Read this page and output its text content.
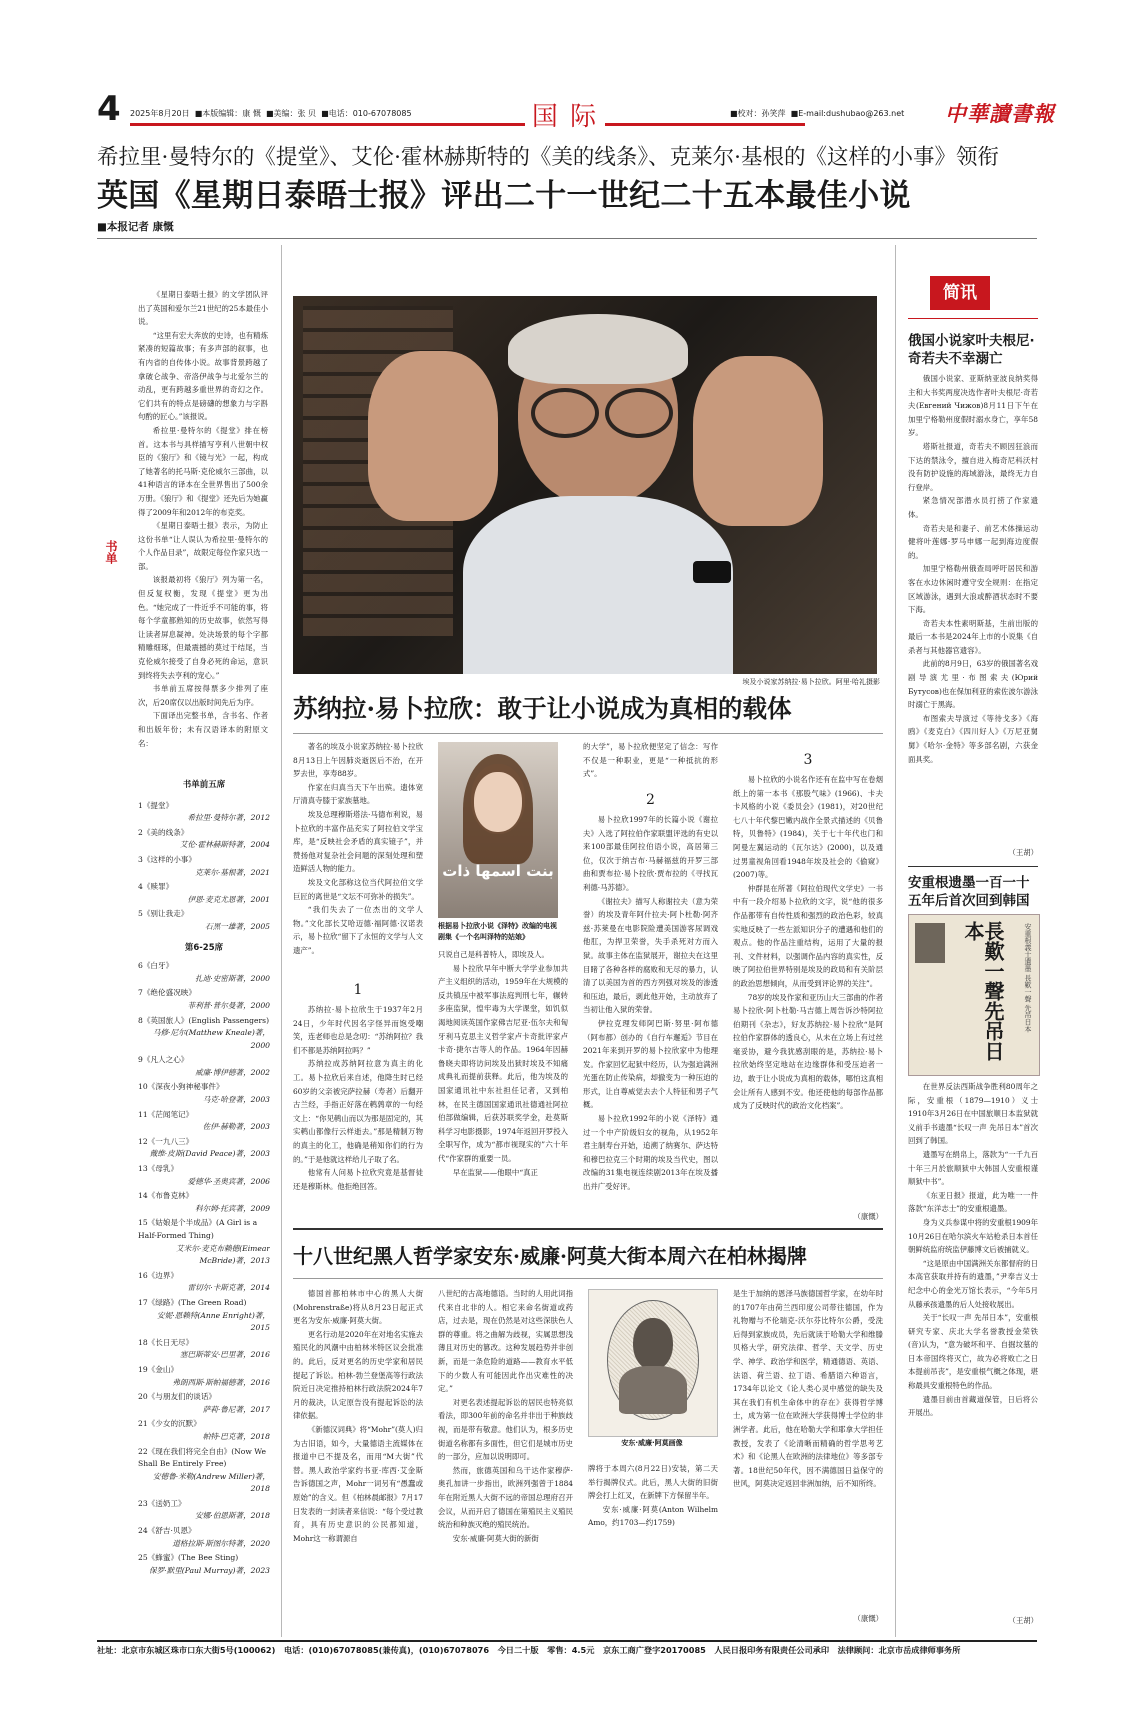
4 2025年8月20日 ■本版编辑：康 慨 ■美编：张 贝 ■电话：010-67078085	国 际	■校对：孙笑萍 ■E-mail:dushubao@263.net 中華讀書報
希拉里·曼特尔的《提堂》、艾伦·霍林赫斯特的《美的线条》、克莱尔·基根的《这样的小事》领衔
英国《星期日泰晤士报》评出二十一世纪二十五本最佳小说
■本报记者 康慨

《星期日泰晤士报》的文学团队评出了英国和爱尔兰21世纪的25本最佳小说。

“这里有宏大奔放的史诗，也有精炼紧凑的短篇故事；有多声部的叙事，也有内省的自传体小说。故事背景跨越了拿破仑战争、帝洛伊战争与北爱尔兰的动乱，更有跨越多重世界的奇幻之作。它们共有的特点是磅礴的想象力与字斟句酌的匠心。”该报说。

希拉里·曼特尔的《提堂》排在榜首。这本书与具样描写亨利八世朝中权臣的《狼厅》和《镜与光》一起，构成了她著名的托马斯·克伦威尔三部曲，以41种语言的译本在全世界售出了500余万册。《狼厅》和《提堂》还先后为她赢得了2009年和2012年的布克奖。

《星期日泰晤士报》表示，为防止这份书单“让人误认为希拉里·曼特尔的个人作品目录”，故限定每位作家只选一部。

该报最初将《狼厅》列为第一名，但反复权衡，发现《提堂》更为出色。“她完成了一件近乎不可能的事，将每个学童都熟知的历史故事，依然写得让读者屏息凝神。处决场景的每个字都精雕细琢，但最震撼的莫过于结尾，当克伦威尔接受了自身必死的命运，意识到终将失去亨利的宠心。”

书单前五席按得票多少排列了座次，后20席仅以出版时间先后为序。

下面译出完整书单，含书名、作者和出版年份；未有汉语译本的附原文名：

书单
书单前五席
1《提堂》
希拉里·曼特尔著，2012
2《美的线条》
艾伦·霍林赫斯特著，2004
3《这样的小事》
克莱尔·基根著，2021
4《赎罪》
伊恩·麦克尤恩著，2001
5《别让我走》
石黑一雄著，2005
第6-25席
6《白牙》
扎迪·史密斯著，2000
7《绝伦盛况映》
菲利普·普尔曼著，2000
8《英国旅人》(English Passengers)
马修·尼尔(Matthew Kneale)著，2000
9《凡人之心》
威廉·博伊德著，2002
10《深夜小狗神秘事件》
马克·哈登著，2003
11《茫闻笔记》
佐伊·赫勒著，2003
12《一九八三》
戴维·皮斯(David Peace)著，2003
13《母乳》
爱德华·圣奥宾著，2006
14《布鲁克林》
科尔姆·托宾著，2009
15《姑娘是个半成品》(A Girl is a Half-Formed Thing)
艾米尔·麦克布赖德(Eimear McBride)著，2013
16《边界》
雷切尔·卡斯克著，2014
17《绿路》(The Green Road)
安妮·恩赖特(Anne Enright)著，2015
18《长日无尽》
塞巴斯蒂安·巴里著，2016
19《金山》
弗朗西斯·斯帕福德著，2016
20《与朋友们的谈话》
萨莉·鲁尼著，2017
21《少女的沉默》
帕特·巴克著，2018
22《现在我们将完全自由》(Now We Shall Be Entirely Free)
安德鲁·米勒(Andrew Miller)著，2018
23《送奶工》
安娜·伯恩斯著，2018
24《舒吉·贝恩》
道格拉斯·斯图尔特著，2020
25《蜂蜜》(The Bee Sting)
保罗·默里(Paul Murray)著，2023
埃及小说家苏纳拉·易卜拉欣。阿里·哈礼摄影
苏纳拉·易卜拉欣：敢于让小说成为真相的载体

著名的埃及小说家苏纳拉·易卜拉欣8月13日上午因肺炎逝医后不治，在开罗去世，享寿88岁。

作家在归真当天下午出殡。遗体宽厅清真寺膝于家族墓地。

埃及总理穆斯塔法·马德布利说，易卜拉欣的丰富作品充实了阿拉伯文学宝库，是“反映社会矛盾的真实镜子”，并赞扬他对复杂社会问题的深刻处理和塑造鲜活人物的能力。

埃及文化部称这位当代阿拉伯文学巨匠的离世是“文坛不可弥补的损失”。

“我们失去了一位杰出的文学人物。”文化部长艾哈迈德·福阿德·汉诺表示，易卜拉欣“留下了永恒的文学与人文遗产”。

1

苏纳拉·易卜拉欣生于1937年2月24日，少年时代因名字怪异而饱受嘲笑，连老师也总是念叨：“苏纳阿拉？我们不都是苏纳阿拉吗？”

苏纳拉成苏纳阿拉意为真主的化工。易卜拉欣后来自述，他降生时已经60岁的父亲被完萨拉赫（寿者）后翻开古兰经，手指正好落在鹌鹑章的一句经文上：“你见鹌山而以为那是固定的，其实鹌山都像行云样逝去。”那是精制万物的真主的化工，他确是稍知你们的行为的。”于是他就这样给儿子取了名。

他常有人问易卜拉欣究竟是基督徒还是穆斯林。他拒绝回答。

بنت اسمها ذات
根据易卜拉欣小说《泽特》改编的电视剧集《一个名叫泽特的姑娘》

只说自己是科普特人，即埃及人。

易卜拉欣早年中断大学学业参加共产主义组织的活动，1959年在大规模的反共镇压中被军事法庭判刑七年，辗转多座监狱，惶牢毒为大学课堂，如饥似渴地阅读英国作家佛吉尼亚·伍尔夫和匈牙利马克思主义哲学家卢卡奇批评家卢卡奇·捷尔吉等人的作品。1964年因赫鲁晓夫即将访问埃及出狱时埃及不知痛成典礼而提前获释。此后，他为埃及的国家通讯社中东社担任记者，又到柏林，在民主德国国家通讯社德通社阿拉伯部做编辑，后获苏联奖学金，赴莫斯科学习电影摄影，1974年返回开罗投入全职写作，成为“都市视现实的”六十年代“作家群的重要一员。

早在监狱——他眼中“真正

的大学”，易卜拉欣便坚定了信念：写作不仅是一种职业，更是“一种抵抗的形式”。

2

易卜拉欣1997年的长篇小说《谢拉夫》入选了阿拉伯作家联盟评选的有史以来100部最佳阿拉伯语小说，高居第三位，仅次于纳吉布·马赫福兹的开罗三部曲和贾布拉·易卜拉欣·贾布拉的《寻找瓦利德·马苏德》。

《谢拉夫》描写人称谢拉夫（意为荣誉）的埃及青年阿什拉夫·阿卜杜勒·阿齐兹·苏莱曼在电影院险遭美国游客尿调戏他肛，为捍卫荣誉，失手杀死对方而入狱。故事主体在监狱展开，谢拉夫在这里目睹了各种各样的腐败和无尽的暴力，认清了以美国为首的西方列强对埃及的渗透和压迫，最后，剥此他开始，主动放弃了当初让他入狱的荣誉。

伊拉克理发师阿巴斯·努里·阿布德（阿布都）创办的《自行车邂逅》节目在2021年来到开罗的易卜拉欣家中为他理发。作家回忆起狱中经历，认为强迫满洲光蛋在防止传染病，却撤变为一种压迫的形式，让自尊威觉去去个人特征和男子气概。

易卜拉欣1992年的小说《泽特》通过一个中产阶级妇女的视角，从1952年君主制寿台开始，追溯了纳赛尔、萨达特和穆巴拉克三个时期的埃及当代史，图以改编的31集电视连续剧2013年在埃及播出并广受好评。

3

易卜拉欣的小说名作还有在监中写在卷烟纸上的第一本书《那股气味》(1966)、卡夫卡风格的小说《委员会》(1981)，对20世纪七八十年代黎巴嫩内战作全景式描述的《贝鲁特，贝鲁特》(1984)，关于七十年代也门和阿曼左翼运动的《瓦尔达》(2000)，以及通过男童视角回看1948年埃及社会的《偷窥》(2007)等。

仲群昆在所著《阿拉伯现代文学史》一书中有一段介绍易卜拉欣的文字，说“他的很多作品都带有自传性质和强烈的政治色彩，较真实地反映了一些左派知识分子的遭遇和他们的观点。他的作品注重结构，运用了大量的报刊、文件材料，以强调作品内容的真实性，反映了阿拉伯世界特别是埃及的政局和有关阶层的政治思想倾向，从而受到评论界的关注”。

78岁的埃及作家和亚历山大三部曲的作者易卜拉欣·阿卜杜勒·马吉德上周告诉沙特阿拉伯期刊《杂志》，好友苏纳拉·易卜拉欣“是阿拉伯作家群体的透良心，从未在立场上有过丝毫妥协，避今我犹感刮眼的是，苏纳拉·易卜拉欣始终坚定地站在边缘群体和受压迫者一边，敢于让小说成为真相的载体，哪怕这真相会让所有人感到不安。他还使他的每部作品都成为了反映时代的政治文化档案”。

（康慨）
十八世纪黑人哲学家安东·威廉·阿莫大街本周六在柏林揭牌

德国首都柏林市中心的黑人大街(Mohrenstraße)将从8月23日起正式更名为安东·威廉·阿莫大街。

更名行动是2020年在对地名实施去殖民化的风潮中由柏林米特区议会批准的。此后，反对更名的历史学家和居民提起了诉讼。柏林-勃兰登堡高等行政法院近日决定推持柏林行政法院2024年7月的裁决，认定原告没有提起诉讼的法律依据。

《新德汉词典》将“Mohr”(莫人)归为古旧语，如今，大量德语主流媒体在报道中已不提及名，而用“M大街”代替。黑人政治学家约书亚·库西·艾金斯告诉德国之声，Mohr一词另有“愚蠢或原始”的含义。但《柏林晨邮报》7月17日发表的一封读者来信说：“每个受过教育，具有历史意识的公民都知道，Mohr这一称谓源自

八世纪的古高地德语。当时的人用此词指代来自北非的人。相它来命名街道或药店，过去是，现在仍然是对这些深肤色人群的尊重。将之曲解为歧视，实属思想浅薄且对历史的篡改。这种发展趋势并非创新，而是一条危险的道路——教育水平低下的少数人有可能因此作出灾难性的决定。”

对更名表述提起诉讼的居民也特亮似看法，即300年前的命名并非出于种族歧视，而是带有敬意。他们认为，根多历史街道名称都有多面性，但它们是城市历史的一部分，应加以说明即可。

然而，旅德英国和乌干达作家穆萨·奥孔加讲一步指出，欧洲列强曾于1884年在附近黑人大街不远的帝国总理府召开会议，从而开启了德国在第殖民主义殖民统治和种族灭绝的殖民统治。

安东·威廉·阿莫大街的新街

安东·威廉·阿莫画像

牌将于本周六(8月22日)安装，第二天举行揭牌仪式。此后，黑人大街的旧街牌会打上红叉，在新牌下方保留半年。

安东·威廉·阿莫(Anton Wilhelm Amo，约1703—约1759)

是生于加纳的恩泽马族德国哲学家，在幼年时的1707年由荷兰西印度公司带往德国，作为礼物赠与不伦瑞克-沃尔芬比特尔公爵，受洗后得到家族成员，先后就读于哈勒大学和维滕贝格大学，研究法律、哲学、天文学、历史学、神学、政治学和医学，精通德语、英语、法语、荷兰语、拉丁语、希腊语六种语言，1734年以论文《论人类心灵中感觉的缺失及其在我们有机生命体中的存在》获得哲学博士，成为第一位在欧洲大学获得博士学位的非洲学者。此后，他在哈勒大学和耶拿大学担任教授，发表了《论清晰而精确的哲学思考艺术》和《论黑人在欧洲的法律地位》等多部专著。18世纪50年代，因不满德国日益保守的世风，阿莫决定返回非洲加纳，后不知所终。

（康慨）
简讯
俄国小说家叶夫根尼·奇若夫不幸溺亡

俄国小说家、亚斯纳亚波良纳奖得主和大书奖两度决选作者叶夫根尼·奇若夫(Евгений Чижов)8月11日下午在加里宁格勒州度假时溺水身亡，享年58岁。

塔斯社报道，奇若夫不顾因狂浪而下达的禁泳令，擅自进入梅奇尼科沃村没有防护设施的海域游泳，最终无力自行登岸。

紧急情况部潜水员打捞了作家遗体。

奇若夫是和妻子、前艺术体操运动健将叶莲娜·罗马申娜一起到海边度假的。

加里宁格勒州俄查局呼吁居民和游客在水边休闲时遵守安全规则：在指定区域游泳，遇到大浪或醉酒状态时不要下海。

奇若夫本性素明斯基，生前出版的最后一本书是2024年上市的小说集《自杀者与其他器官遗容》。

此前的8月9日，63岁的俄国著名戏剧导演尤里·布图索夫(Юрий Бутусов)也在保加利亚的索佐波尔游泳时溺亡于黑海。

布图索夫导演过《等待戈多》《海鸥》《麦克白》《四川好人》《万尼亚舅舅》《哈尔·金特》等多部名剧，六获金面具奖。

（王胡）
安重根遗墨一百一十五年后首次回到韩国
長歎一聲先吊日本	安重根義士遺墨 長歎一聲 先吊日本

在世界反法西斯战争胜利80周年之际，安重根（1879—1910）义士1910年3月26日在中国旅顺日本监狱就义前手书遗墨“长叹一声 先吊日本”首次回到了韩国。

遗墨写在绢帛上，落款为“一千九百十年三月於旅顺狱中大韩国人安重根谨顺狱中书”。

《东亚日报》报道，此为唯一一件落款“东洋志士”的安重根遗墨。

身为义兵参谋中将的安重根1909年10月26日在哈尔滨火车站枪杀日本首任朝鲜统监府统监伊藤博文后被捕就义。

“这是原由中国满洲关东都督府的日本高官获取并持有的遗墨，”尹奉吉义士纪念中心的金光万馆长表示，“今年5月从藤承孩遗墨的后人处接收展出。

关于“长叹一声 先吊日本”，安重根研究专家、庆北大学名誉教授金荣铁(音)认为，“意为破坏和平、自掘坟墓的日本帝国终将灭亡，故为必将败亡之日本提前吊丧”，是安重根气概之体现，堪称最具安重根特色的作品。

遗墨目前由首藏道保管，日后将公开展出。

（王胡）
社址：北京市东城区珠市口东大街5号(100062) 电话：(010)67078085(兼传真)，(010)67078076 今日二十版 零售：4.5元 京东工商广登字20170085 人民日报印务有限责任公司承印 法律顾问：北京市岳成律师事务所
